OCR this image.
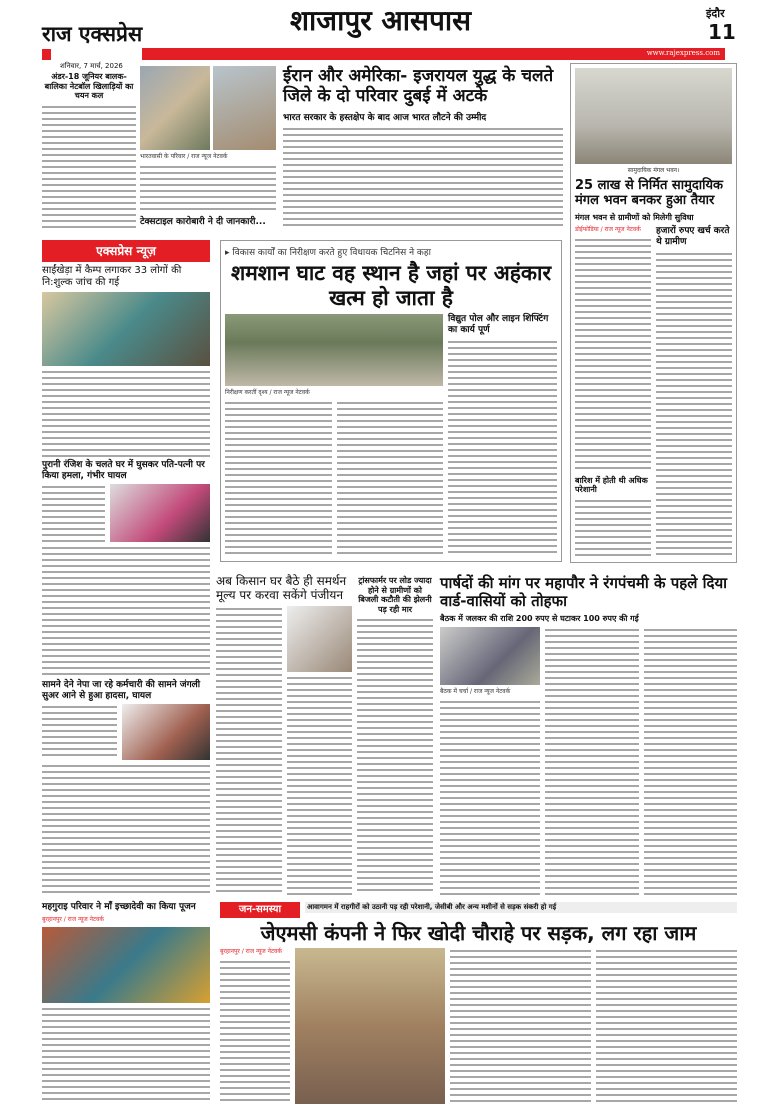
राज एक्सप्रेस
शनिवार, 7 मार्च, 2026
शाजापुर आसपास	इंदौर
11
www.rajexpress.com
अंडर-18 जूनियर बालक-बालिका नेटबॉल खिलाड़ियों का चयन कल
भारतवासी के परिवार / राज न्यूज नेटवर्क
टेक्सटाइल कारोबारी ने दी जानकारी...
ईरान और अमेरिका- इजरायल युद्ध के चलते जिले के दो परिवार दुबई में अटके
भारत सरकार के हस्तक्षेप के बाद आज भारत लौटने की उम्मीद
सामुदायिक मंगल भवन।
25 लाख से निर्मित सामुदायिक मंगल भवन बनकर हुआ तैयार
मंगल भवन से ग्रामीणों को मिलेगी सुविधा
डोईफोडिया / राज न्यूज नेटवर्क
बारिश में होती थी अधिक परेशानी
हजारों रुपए खर्च करते थे ग्रामीण
एक्सप्रेस न्यूज़
साईंखेड़ा में कैम्प लगाकर 33 लोगों की नि:शुल्क जांच की गई
पुरानी रंजिश के चलते घर में घुसकर पति-पत्नी पर किया हमला, गंभीर घायल
सामने देने नेपा जा रहे कर्मचारी की सामने जंगली सुअर आने से हुआ हादसा, घायल
▸ विकास कार्यों का निरीक्षण करते हुए विधायक चिटनिस ने कहा
शमशान घाट वह स्थान है जहां पर अहंकार खत्म हो जाता है
निरीक्षण करतीं दृश्य / राज न्यूज नेटवर्क
विद्युत पोल और लाइन शिफ्टिंग का कार्य पूर्ण
अब किसान घर बैठे ही समर्थन मूल्य पर करवा सकेंगे पंजीयन
ट्रांसफार्मर पर लोड ज्यादा होने से ग्रामीणों को बिजली कटौती की झेलनी पड़ रही मार
पार्षदों की मांग पर महापौर ने रंगपंचमी के पहले दिया वार्ड-वासियों को तोहफा
बैठक में जलकर की राशि 200 रुपए से घटाकर 100 रुपए की गई
बैठक में चर्चा / राज न्यूज नेटवर्क
महगुराइ परिवार ने माँ इच्छादेवी का किया पूजन
बुरहानपुर / राज न्यूज नेटवर्क
जन-समस्या	आवागमन में राहगीरों को उठानी पड़ रही परेशानी, जेसीबी और अन्य मशीनों से सड़क संकरी हो गई
जेएमसी कंपनी ने फिर खोदी चौराहे पर सड़क, लग रहा जाम
बुरहानपुर / राज न्यूज नेटवर्क
